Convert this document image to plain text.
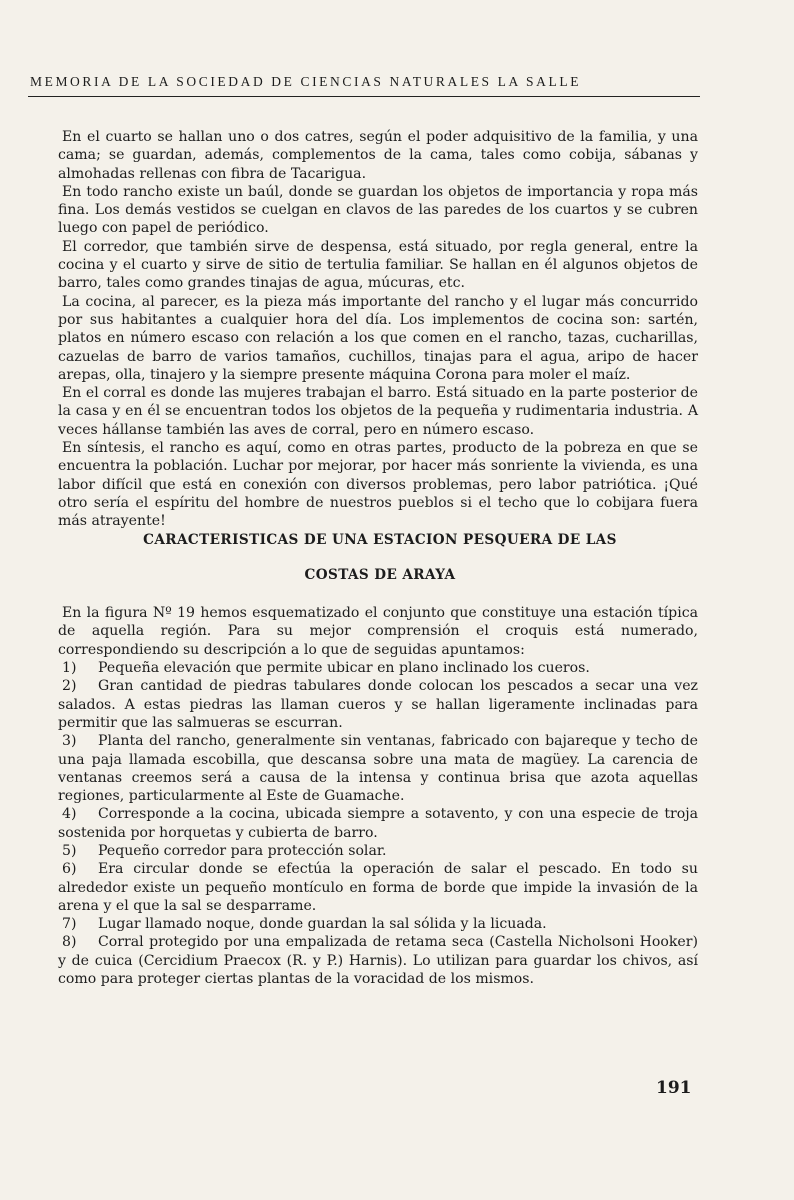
MEMORIA DE LA SOCIEDAD DE CIENCIAS NATURALES LA SALLE

En el cuarto se hallan uno o dos catres, según el poder adquisitivo de la familia, y una cama; se guardan, además, complementos de la cama, tales como cobija, sábanas y almohadas rellenas con fibra de Tacarigua.

En todo rancho existe un baúl, donde se guardan los objetos de importancia y ropa más fina. Los demás vestidos se cuelgan en clavos de las paredes de los cuartos y se cubren luego con papel de periódico.

El corredor, que también sirve de despensa, está situado, por regla general, entre la cocina y el cuarto y sirve de sitio de tertulia familiar. Se hallan en él algunos objetos de barro, tales como grandes tinajas de agua, múcuras, etc.

La cocina, al parecer, es la pieza más importante del rancho y el lugar más concurrido por sus habitantes a cualquier hora del día. Los implementos de cocina son: sartén, platos en número escaso con relación a los que comen en el rancho, tazas, cucharillas, cazuelas de barro de varios tamaños, cuchillos, tinajas para el agua, aripo de hacer arepas, olla, tinajero y la siempre presente máquina Corona para moler el maíz.

En el corral es donde las mujeres trabajan el barro. Está situado en la parte posterior de la casa y en él se encuentran todos los objetos de la pequeña y rudimentaria industria. A veces hállanse también las aves de corral, pero en número escaso.

En síntesis, el rancho es aquí, como en otras partes, producto de la pobreza en que se encuentra la población. Luchar por mejorar, por hacer más sonriente la vivienda, es una labor difícil que está en conexión con diversos problemas, pero labor patriótica. ¡Qué otro sería el espíritu del hombre de nuestros pueblos si el techo que lo cobijara fuera más atrayente!

CARACTERISTICAS DE UNA ESTACION PESQUERA DE LAS

COSTAS DE ARAYA

En la figura Nº 19 hemos esquematizado el conjunto que constituye una estación típica de aquella región. Para su mejor comprensión el croquis está numerado, correspondiendo su descripción a lo que de seguidas apuntamos:

1) Pequeña elevación que permite ubicar en plano inclinado los cueros.

2) Gran cantidad de piedras tabulares donde colocan los pescados a secar una vez salados. A estas piedras las llaman cueros y se hallan ligeramente inclinadas para permitir que las salmueras se escurran.

3) Planta del rancho, generalmente sin ventanas, fabricado con bajareque y techo de una paja llamada escobilla, que descansa sobre una mata de magüey. La carencia de ventanas creemos será a causa de la intensa y continua brisa que azota aquellas regiones, particularmente al Este de Guamache.

4) Corresponde a la cocina, ubicada siempre a sotavento, y con una especie de troja sostenida por horquetas y cubierta de barro.

5) Pequeño corredor para protección solar.

6) Era circular donde se efectúa la operación de salar el pescado. En todo su alrededor existe un pequeño montículo en forma de borde que impide la invasión de la arena y el que la sal se desparrame.

7) Lugar llamado noque, donde guardan la sal sólida y la licuada.

8) Corral protegido por una empalizada de retama seca (Castella Nicholsoni Hooker) y de cuica (Cercidium Praecox (R. y P.) Harnis). Lo utilizan para guardar los chivos, así como para proteger ciertas plantas de la voracidad de los mismos.

191
